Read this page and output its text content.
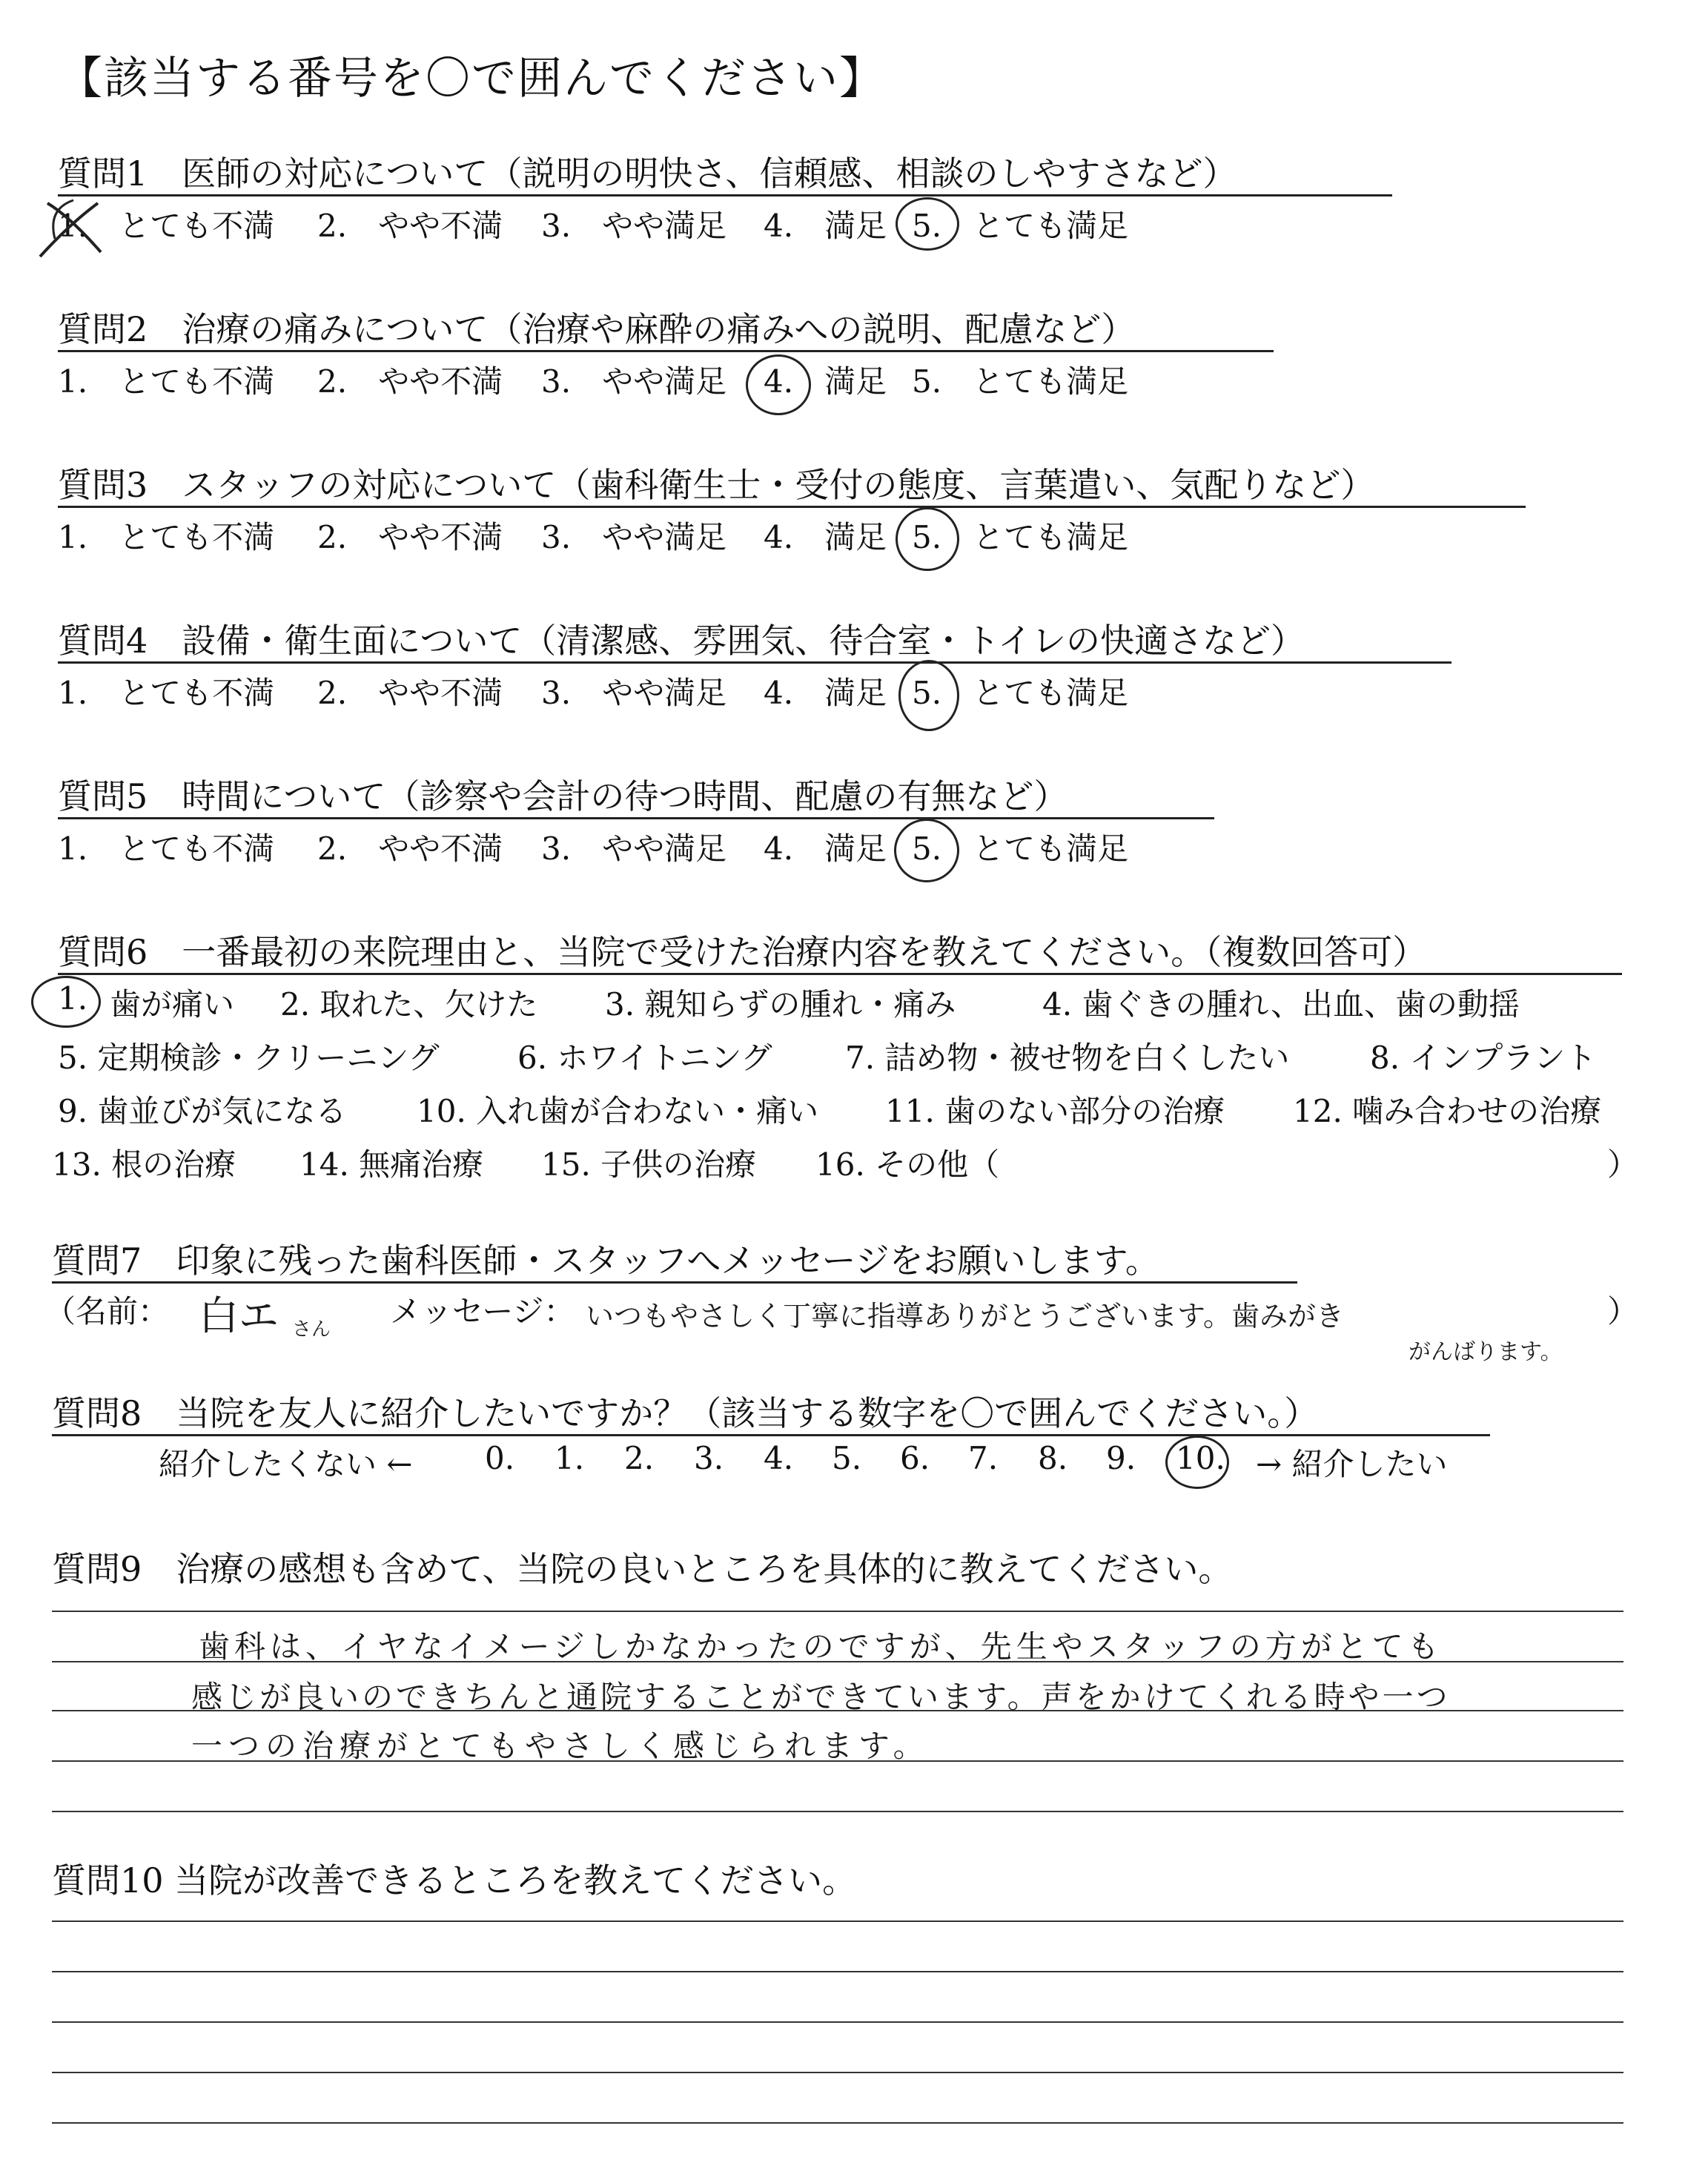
【該当する番号を〇で囲んでください】
質問1　医師の対応について（説明の明快さ、信頼感、相談のしやすさなど）
1.　とても不満 2.　やや不満 3.　やや満足 4.　満足 5.　とても満足
質問2　治療の痛みについて（治療や麻酔の痛みへの説明、配慮など）
1.　とても不満 2.　やや不満 3.　やや満足 4.　満足 5.　とても満足
質問3　スタッフの対応について（歯科衛生士・受付の態度、言葉遣い、気配りなど）
1.　とても不満 2.　やや不満 3.　やや満足 4.　満足 5.　とても満足
質問4　設備・衛生面について（清潔感、雰囲気、待合室・トイレの快適さなど）
1.　とても不満 2.　やや不満 3.　やや満足 4.　満足 5.　とても満足
質問5　時間について（診察や会計の待つ時間、配慮の有無など）
1.　とても不満 2.　やや不満 3.　やや満足 4.　満足 5.　とても満足
質問6　一番最初の来院理由と、当院で受けた治療内容を教えてください。（複数回答可）
1. 歯が痛い 2. 取れた、欠けた 3. 親知らずの腫れ・痛み	4. 歯ぐきの腫れ、出血、歯の動揺
5. 定期検診・クリーニング	6. ホワイトニング 7. 詰め物・被せ物を白くしたい	8. インプラント
9. 歯並びが気になる 10. 入れ歯が合わない・痛い 11. 歯のない部分の治療 12. 噛み合わせの治療
13. 根の治療 14. 無痛治療 15. 子供の治療 16. その他（	）
質問7　印象に残った歯科医師・スタッフへメッセージをお願いします。
（名前： 白エ さん メッセージ： いつもやさしく丁寧に指導ありがとうございます。歯みがき
がんばります。
）
質問8　当院を友人に紹介したいですか？（該当する数字を〇で囲んでください。）
紹介したくない ← 0. 1. 2. 3. 4. 5. 6. 7. 8. 9. 10. → 紹介したい
質問9　治療の感想も含めて、当院の良いところを具体的に教えてください。
歯科は、イヤなイメージしかなかったのですが、先生やスタッフの方がとても
感じが良いのできちんと通院することができています。声をかけてくれる時や一つ
一つの治療がとてもやさしく感じられます。
質問10 当院が改善できるところを教えてください。
